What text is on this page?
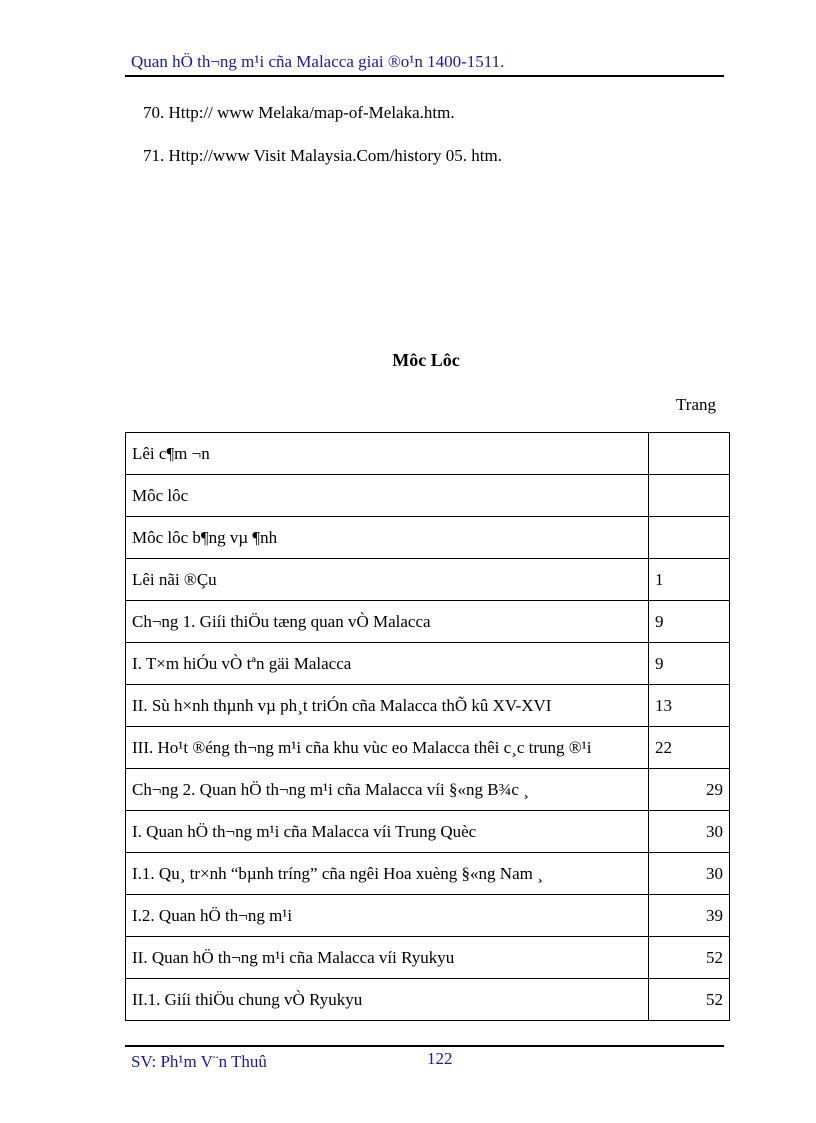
Quan hÖ th¬ng m¹i cña Malacca giai ®o¹n 1400-1511.
70. Http:// www Melaka/map-of-Melaka.htm.
71. Http://www Visit Malaysia.Com/history 05. htm.
Môc Lôc
Trang
Lêi c¶m ¬n	
Môc lôc	
Môc lôc b¶ng vµ ¶nh	
Lêi nãi ®Çu	1
Ch¬ng 1. Giíi thiÖu tæng quan vÒ Malacca	9
I. T×m hiÓu vÒ tªn gäi Malacca	9
II. Sù h×nh thµnh vµ ph¸t triÓn cña Malacca thÕ kû XV-XVI	13
III. Ho¹t ®éng th¬ng m¹i cña khu vùc eo Malacca thêi c¸c trung ®¹i	22
Ch¬ng 2. Quan hÖ th¬ng m¹i cña Malacca víi §«ng B¾c ¸	29
I. Quan hÖ th¬ng m¹i cña Malacca víi Trung Quèc	30
I.1. Qu¸ tr×nh “bµnh tríng” cña ngêi Hoa xuèng §«ng Nam ¸	30
I.2. Quan hÖ th¬ng m¹i	39
II. Quan hÖ th¬ng m¹i cña Malacca víi Ryukyu	52
II.1. Giíi thiÖu chung vÒ Ryukyu	52
SV: Ph¹m V¨n Thuû	122
